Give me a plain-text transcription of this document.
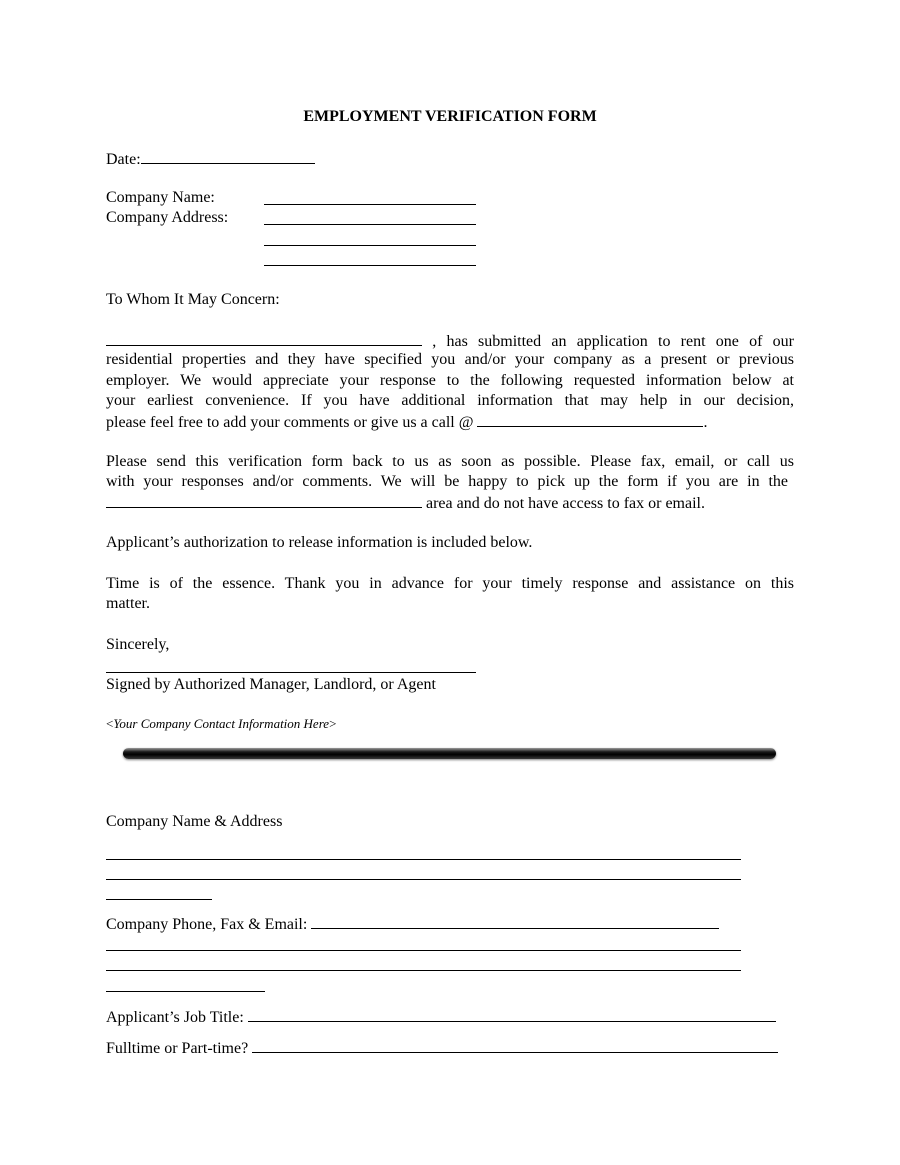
EMPLOYMENT VERIFICATION FORM
Date:
Company Name:
Company Address:
To Whom It May Concern:
, has submitted an application to rent one of our
residential properties and they have specified you and/or your company as a present or previous
employer. We would appreciate your response to the following requested information below at
your earliest convenience. If you have additional information that may help in our decision,
please feel free to add your comments or give us a call @	.
Please send this verification form back to us as soon as possible. Please fax, email, or call us
with your responses and/or comments. We will be happy to pick up the form if you are in the
area and do not have access to fax or email.
Applicant’s authorization to release information is included below.
Time is of the essence. Thank you in advance for your timely response and assistance on this
matter.
Sincerely,
Signed by Authorized Manager, Landlord, or Agent
<Your Company Contact Information Here>
Company Name & Address
Company Phone, Fax & Email:
Applicant’s Job Title:
Fulltime or Part-time?
